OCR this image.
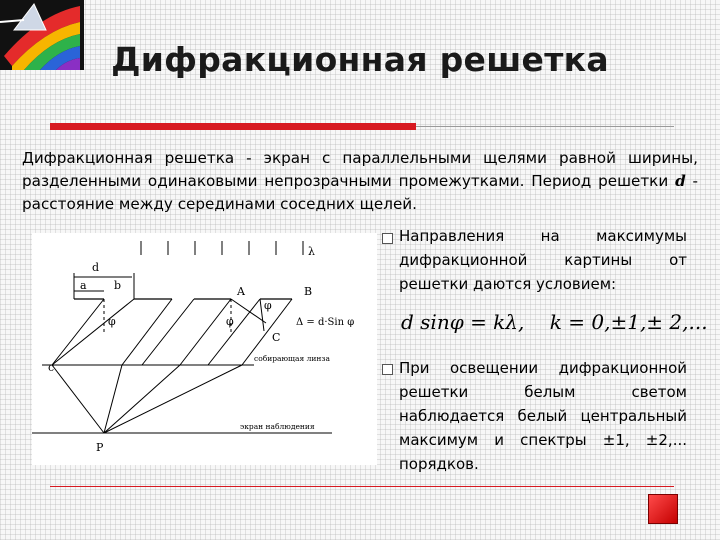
Дифракционная решетка
Дифракционная решетка - экран с параллельными щелями равной ширины, разделенными одинаковыми непрозрачными промежутками. Период решетки d - расстояние между серединами соседних щелей.
d
a b
λ
A	B
C
φ	φ
φ
Δ = d·Sin φ
c
P
собирающая линза
экран наблюдения
Направления на максимумы дифракционной картины от решетки даются условием:
d sinφ = kλ, k = 0,±1,± 2,...
При освещении дифракционной решетки белым светом наблюдается белый центральный максимум и спектры ±1, ±2,... порядков.
